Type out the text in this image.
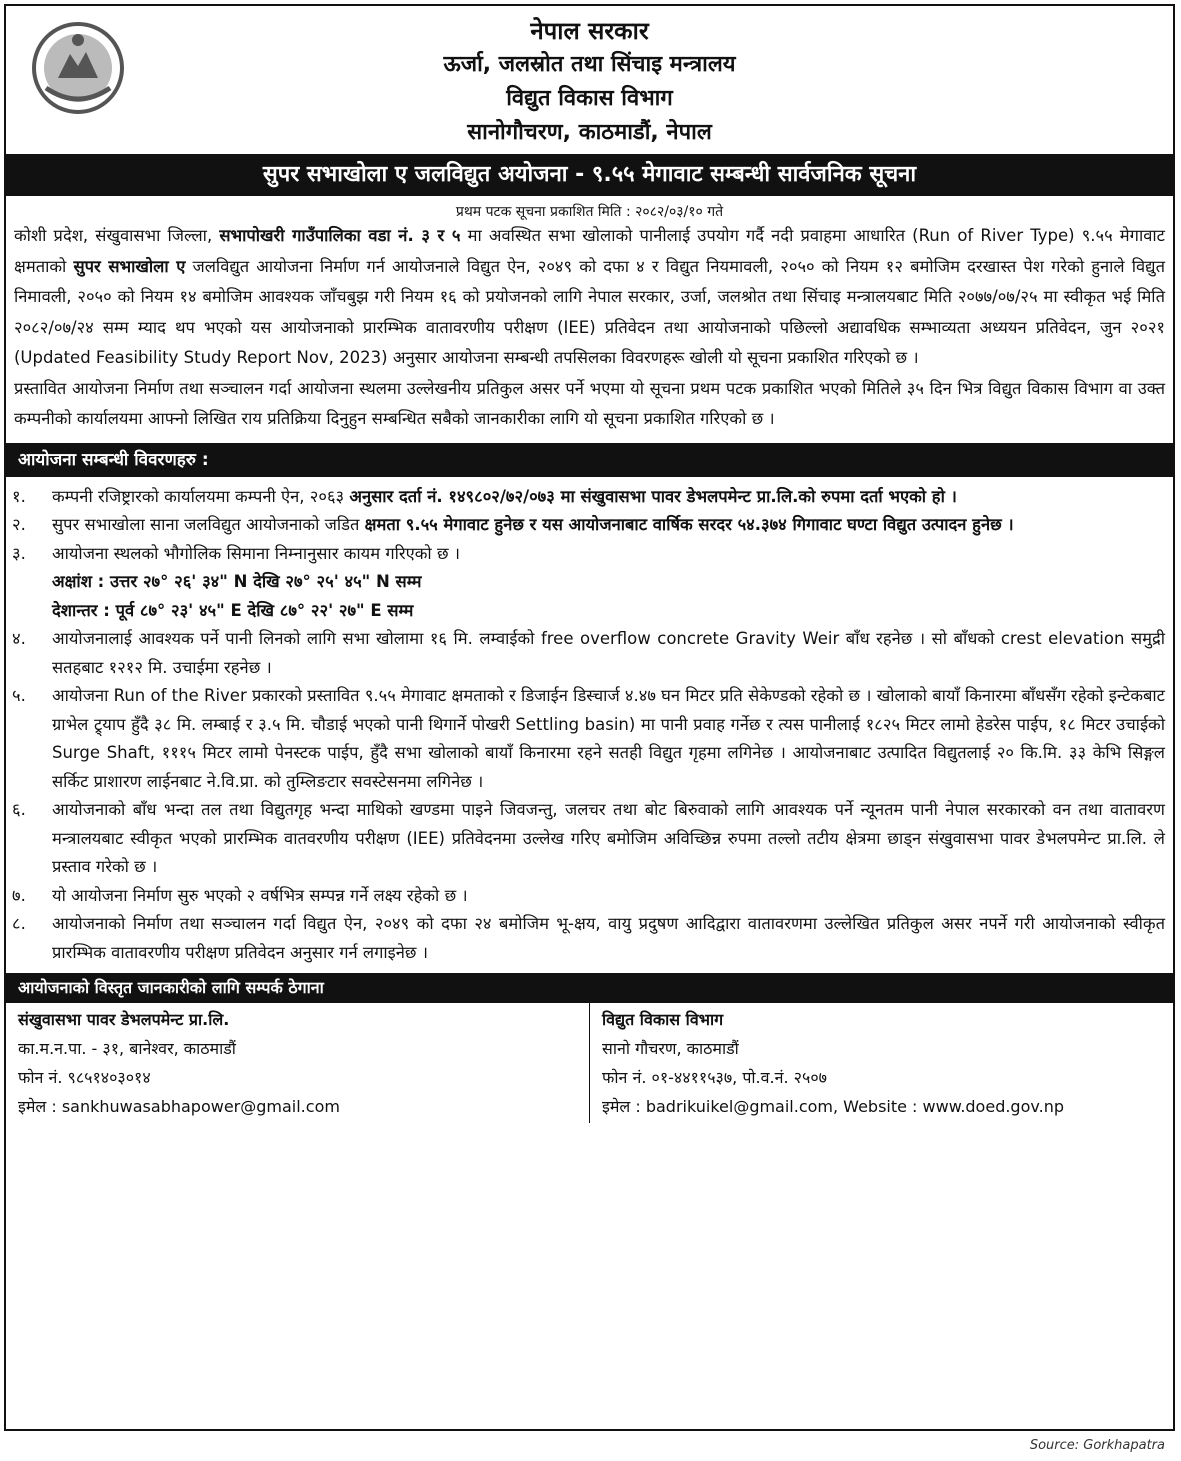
नेपाल सरकार
ऊर्जा, जलस्रोत तथा सिंचाइ मन्त्रालय
विद्युत विकास विभाग
सानोगौचरण, काठमाडौं, नेपाल
सुपर सभाखोला ए जलविद्युत अयोजना - ९.५५ मेगावाट सम्बन्धी सार्वजनिक सूचना
प्रथम पटक सूचना प्रकाशित मिति : २०८२/०३/१० गते

कोशी प्रदेश, संखुवासभा जिल्ला, सभापोखरी गाउँपालिका वडा नं. ३ र ५ मा अवस्थित सभा खोलाको पानीलाई उपयोग गर्दै नदी प्रवाहमा आधारित (Run of River Type) ९.५५ मेगावाट क्षमताको सुपर सभाखोला ए जलविद्युत आयोजना निर्माण गर्न आयोजनाले विद्युत ऐन, २०४९ को दफा ४ र विद्युत नियमावली, २०५० को नियम १२ बमोजिम दरखास्त पेश गरेको हुनाले विद्युत निमावली, २०५० को नियम १४ बमोजिम आवश्यक जाँचबुझ गरी नियम १६ को प्रयोजनको लागि नेपाल सरकार, उर्जा, जलश्रोत तथा सिंचाइ मन्त्रालयबाट मिति २०७७/०७/२५ मा स्वीकृत भई मिति २०८२/०७/२४ सम्म म्याद थप भएको यस आयोजनाको प्रारम्भिक वातावरणीय परीक्षण (IEE) प्रतिवेदन तथा आयोजनाको पछिल्लो अद्यावधिक सम्भाव्यता अध्ययन प्रतिवेदन, जुन २०२१ (Updated Feasibility Study Report Nov, 2023) अनुसार आयोजना सम्बन्धी तपसिलका विवरणहरू खोली यो सूचना प्रकाशित गरिएको छ ।

प्रस्तावित आयोजना निर्माण तथा सञ्चालन गर्दा आयोजना स्थलमा उल्लेखनीय प्रतिकुल असर पर्ने भएमा यो सूचना प्रथम पटक प्रकाशित भएको मितिले ३५ दिन भित्र विद्युत विकास विभाग वा उक्त कम्पनीको कार्यालयमा आफ्नो लिखित राय प्रतिक्रिया दिनुहुन सम्बन्धित सबैको जानकारीका लागि यो सूचना प्रकाशित गरिएको छ ।

आयोजना सम्बन्धी विवरणहरु :
१.	कम्पनी रजिष्ट्रारको कार्यालयमा कम्पनी ऐन, २०६३ अनुसार दर्ता नं. १४९८०२/७२/०७३ मा संखुवासभा पावर डेभलपमेन्ट प्रा.लि.को रुपमा दर्ता भएको हो ।
२.	सुपर सभाखोला साना जलविद्युत आयोजनाको जडित क्षमता ९.५५ मेगावाट हुनेछ र यस आयोजनाबाट वार्षिक सरदर ५४.३७४ गिगावाट घण्टा विद्युत उत्पादन हुनेछ ।
३.	आयोजना स्थलको भौगोलिक सिमाना निम्नानुसार कायम गरिएको छ ।
अक्षांश : उत्तर २७° २६' ३४" N देखि २७° २५' ४५" N सम्म
देशान्तर : पूर्व ८७° २३' ४५" E देखि ८७° २२' २७" E सम्म
४.	आयोजनालाई आवश्यक पर्ने पानी लिनको लागि सभा खोलामा १६ मि. लम्वाईको free overflow concrete Gravity Weir बाँध रहनेछ । सो बाँधको crest elevation समुद्री सतहबाट १२१२ मि. उचाईमा रहनेछ ।
५.	आयोजना Run of the River प्रकारको प्रस्तावित ९.५५ मेगावाट क्षमताको र डिजाईन डिस्चार्ज ४.४७ घन मिटर प्रति सेकेण्डको रहेको छ । खोलाको बायाँ किनारमा बाँधसँग रहेको इन्टेकबाट ग्राभेल ट्र्याप हुँदै ३८ मि. लम्बाई र ३.५ मि. चौडाई भएको पानी थिगार्ने पोखरी Settling basin) मा पानी प्रवाह गर्नेछ र त्यस पानीलाई १८२५ मिटर लामो हेडरेस पाईप, १८ मिटर उचाईको Surge Shaft, १११५ मिटर लामो पेनस्टक पाईप, हुँदै सभा खोलाको बायाँ किनारमा रहने सतही विद्युत गृहमा लगिनेछ । आयोजनाबाट उत्पादित विद्युतलाई २० कि.मि. ३३ केभि सिङ्गल सर्किट प्राशारण लाईनबाट ने.वि.प्रा. को तुम्लिङटार सवस्टेसनमा लगिनेछ ।
६.	आयोजनाको बाँध भन्दा तल तथा विद्युतगृह भन्दा माथिको खण्डमा पाइने जिवजन्तु, जलचर तथा बोट बिरुवाको लागि आवश्यक पर्ने न्यूनतम पानी नेपाल सरकारको वन तथा वातावरण मन्त्रालयबाट स्वीकृत भएको प्रारम्भिक वातवरणीय परीक्षण (IEE) प्रतिवेदनमा उल्लेख गरिए बमोजिम अविच्छिन्न रुपमा तल्लो तटीय क्षेत्रमा छाड्न संखुवासभा पावर डेभलपमेन्ट प्रा.लि. ले प्रस्ताव गरेको छ ।
७.	यो आयोजना निर्माण सुरु भएको २ वर्षभित्र सम्पन्न गर्ने लक्ष्य रहेको छ ।
८.	आयोजनाको निर्माण तथा सञ्चालन गर्दा विद्युत ऐन, २०४९ को दफा २४ बमोजिम भू-क्षय, वायु प्रदुषण आदिद्वारा वातावरणमा उल्लेखित प्रतिकुल असर नपर्ने गरी आयोजनाको स्वीकृत प्रारम्भिक वातावरणीय परीक्षण प्रतिवेदन अनुसार गर्न लगाइनेछ ।
आयोजनाको विस्तृत जानकारीको लागि सम्पर्क ठेगाना
संखुवासभा पावर डेभलपमेन्ट प्रा.लि.
का.म.न.पा. - ३१, बानेश्वर, काठमाडौं
फोन नं. ९८५१४०३०१४
इमेल : sankhuwasabhapower@gmail.com

विद्युत विकास विभाग
सानो गौचरण, काठमाडौं
फोन नं. ०१-४४११५३७, पो.व.नं. २५०७
इमेल : badrikuikel@gmail.com, Website : www.doed.gov.np
Source: Gorkhapatra
